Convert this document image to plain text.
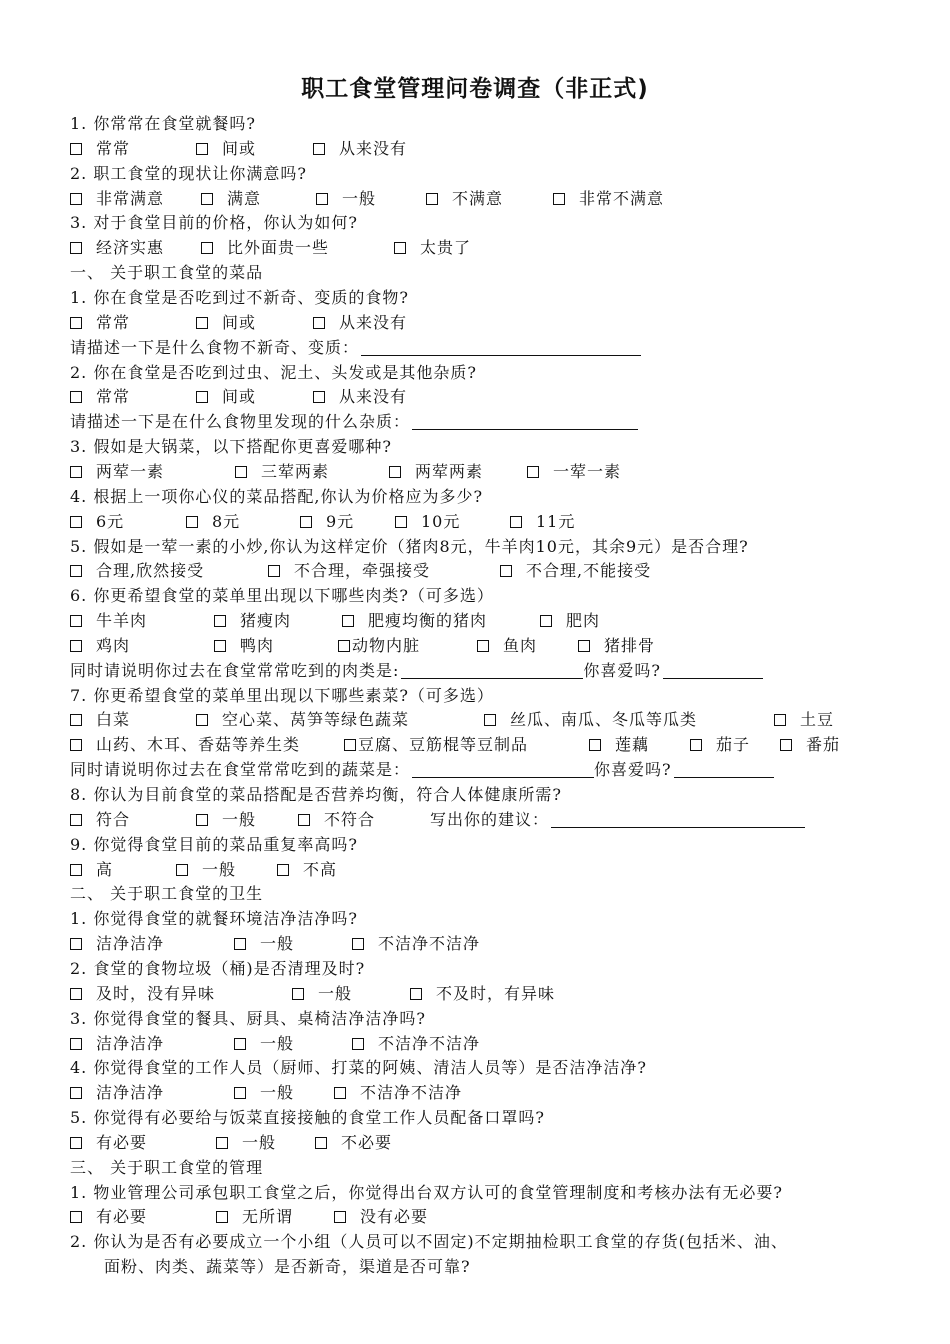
职工食堂管理问卷调查（非正式)
1. 你常常在食堂就餐吗?
常常	间或	从来没有
2. 职工食堂的现状让你满意吗?
非常满意	满意	一般	不满意	非常不满意
3. 对于食堂目前的价格，你认为如何?
经济实惠	比外面贵一些	太贵了
一、 关于职工食堂的菜品
1. 你在食堂是否吃到过不新奇、变质的食物?
常常	间或	从来没有
请描述一下是什么食物不新奇、变质：
2. 你在食堂是否吃到过虫、泥土、头发或是其他杂质?
常常	间或	从来没有
请描述一下是在什么食物里发现的什么杂质：
3. 假如是大锅菜，以下搭配你更喜爱哪种?
两荤一素	三荤两素	两荤两素	一荤一素
4. 根据上一项你心仪的菜品搭配,你认为价格应为多少?
6元	8元	9元	10元	11元
5. 假如是一荤一素的小炒,你认为这样定价（猪肉8元，牛羊肉10元，其余9元）是否合理?
合理,欣然接受	不合理，牵强接受	不合理,不能接受
6. 你更希望食堂的菜单里出现以下哪些肉类?（可多选）
牛羊肉	猪瘦肉	肥瘦均衡的猪肉	肥肉
鸡肉	鸭肉	动物内脏	鱼肉	猪排骨
同时请说明你过去在食堂常常吃到的肉类是:	你喜爱吗?
7. 你更希望食堂的菜单里出现以下哪些素菜?（可多选）
白菜	空心菜、莴笋等绿色蔬菜	丝瓜、南瓜、冬瓜等瓜类	土豆
山药、木耳、香菇等养生类	豆腐、豆筋棍等豆制品	莲藕	茄子	番茄
同时请说明你过去在食堂常常吃到的蔬菜是：	你喜爱吗?
8. 你认为目前食堂的菜品搭配是否营养均衡，符合人体健康所需?
符合	一般	不符合	写出你的建议：
9. 你觉得食堂目前的菜品重复率高吗?
高	一般	不高
二、 关于职工食堂的卫生
1. 你觉得食堂的就餐环境洁净洁净吗?
洁净洁净	一般	不洁净不洁净
2. 食堂的食物垃圾（桶)是否清理及时?
及时，没有异味	一般	不及时，有异味
3. 你觉得食堂的餐具、厨具、桌椅洁净洁净吗?
洁净洁净	一般	不洁净不洁净
4. 你觉得食堂的工作人员（厨师、打菜的阿姨、清洁人员等）是否洁净洁净?
洁净洁净	一般	不洁净不洁净
5. 你觉得有必要给与饭菜直接接触的食堂工作人员配备口罩吗?
有必要	一般	不必要
三、 关于职工食堂的管理
1. 物业管理公司承包职工食堂之后，你觉得出台双方认可的食堂管理制度和考核办法有无必要?
有必要	无所谓	没有必要
2. 你认为是否有必要成立一个小组（人员可以不固定)不定期抽检职工食堂的存货(包括米、油、
面粉、肉类、蔬菜等）是否新奇，渠道是否可靠?
